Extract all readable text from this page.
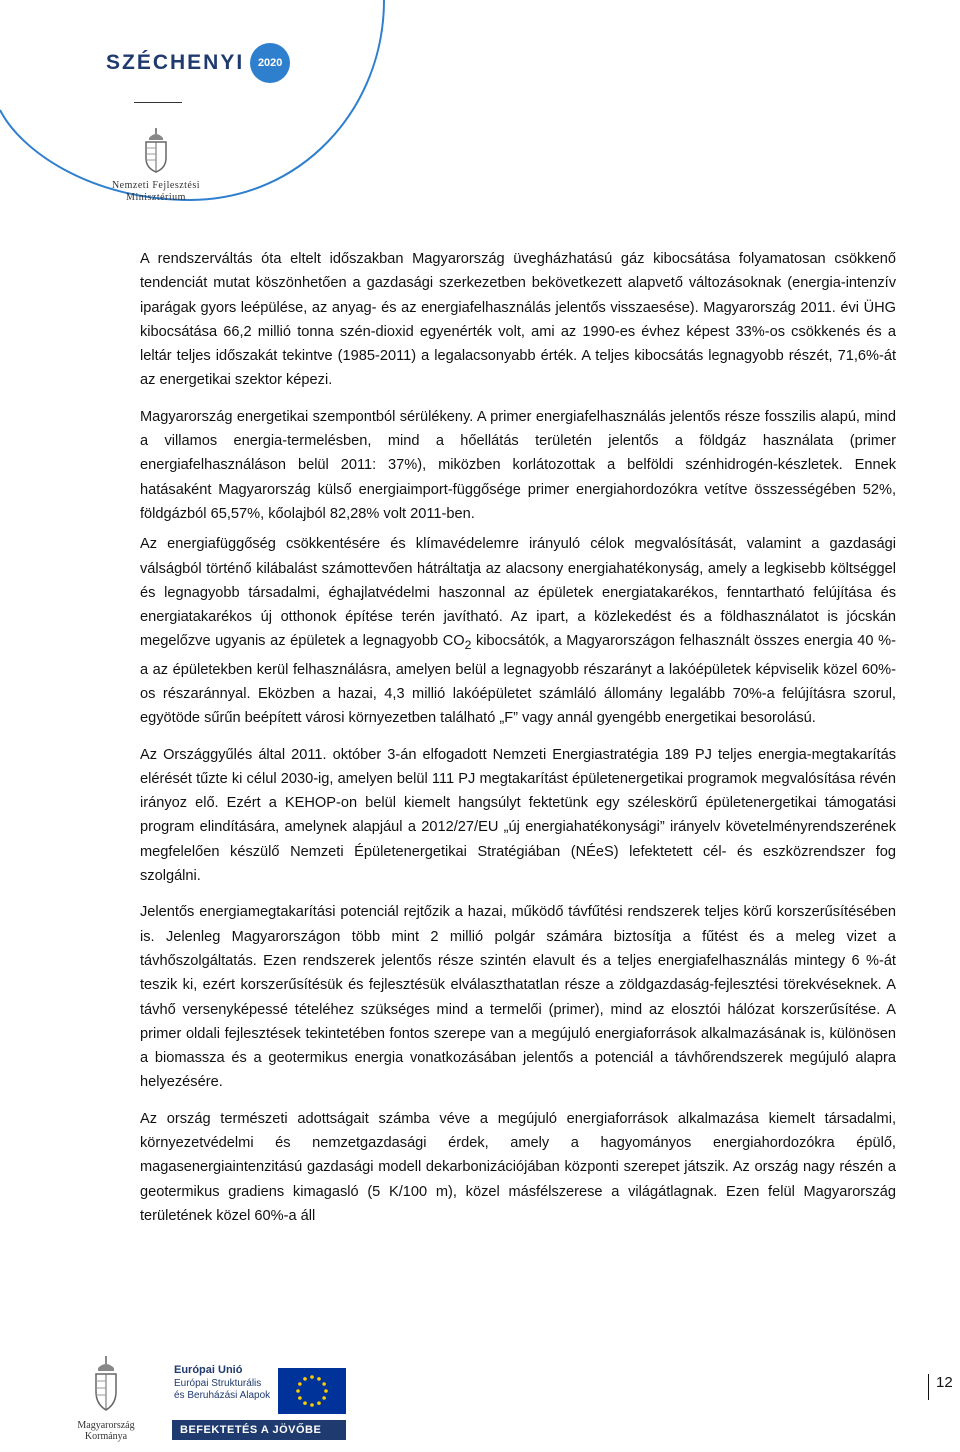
SZÉCHENYI 2020
Nemzeti Fejlesztési
Minisztérium

A rendszerváltás óta eltelt időszakban Magyarország üvegházhatású gáz kibocsátása folyamatosan csökkenő tendenciát mutat köszönhetően a gazdasági szerkezetben bekövetkezett alapvető változásoknak (energia-intenzív iparágak gyors leépülése, az anyag- és az energiafelhasználás jelentős visszaesése). Magyarország 2011. évi ÜHG kibocsátása 66,2 millió tonna szén-dioxid egyenérték volt, ami az 1990-es évhez képest 33%-os csökkenés és a leltár teljes időszakát tekintve (1985-2011) a legalacsonyabb érték. A teljes kibocsátás legnagyobb részét, 71,6%-át az energetikai szektor képezi.

Magyarország energetikai szempontból sérülékeny. A primer energiafelhasználás jelentős része fosszilis alapú, mind a villamos energia-termelésben, mind a hőellátás területén jelentős a földgáz használata (primer energiafelhasználáson belül 2011: 37%), miközben korlátozottak a belföldi szénhidrogén-készletek. Ennek hatásaként Magyarország külső energiaimport-függősége primer energiahordozókra vetítve összességében 52%, földgázból 65,57%, kőolajból 82,28% volt 2011-ben.

Az energiafüggőség csökkentésére és klímavédelemre irányuló célok megvalósítását, valamint a gazdasági válságból történő kilábalást számottevően hátráltatja az alacsony energiahatékonyság, amely a legkisebb költséggel és legnagyobb társadalmi, éghajlatvédelmi haszonnal az épületek energiatakarékos, fenntartható felújítása és energiatakarékos új otthonok építése terén javítható. Az ipart, a közlekedést és a földhasználatot is jócskán megelőzve ugyanis az épületek a legnagyobb $CO_2$ kibocsátók, a Magyarországon felhasznált összes energia 40 %-a az épületekben kerül felhasználásra, amelyen belül a legnagyobb részarányt a lakóépületek képviselik közel 60%-os részaránnyal. Eközben a hazai, 4,3 millió lakóépületet számláló állomány legalább 70%-a felújításra szorul, egyötöde sűrűn beépített városi környezetben található „F” vagy annál gyengébb energetikai besorolású.

Az Országgyűlés által 2011. október 3-án elfogadott Nemzeti Energiastratégia 189 PJ teljes energia-megtakarítás elérését tűzte ki célul 2030-ig, amelyen belül 111 PJ megtakarítást épületenergetikai programok megvalósítása révén irányoz elő. Ezért a KEHOP-on belül kiemelt hangsúlyt fektetünk egy széleskörű épületenergetikai támogatási program elindítására, amelynek alapjául a 2012/27/EU „új energiahatékonysági” irányelv követelményrendszerének megfelelően készülő Nemzeti Épületenergetikai Stratégiában (NÉeS) lefektetett cél- és eszközrendszer fog szolgálni.

Jelentős energiamegtakarítási potenciál rejtőzik a hazai, működő távfűtési rendszerek teljes körű korszerűsítésében is. Jelenleg Magyarországon több mint 2 millió polgár számára biztosítja a fűtést és a meleg vizet a távhőszolgáltatás. Ezen rendszerek jelentős része szintén elavult és a teljes energiafelhasználás mintegy 6 %-át teszik ki, ezért korszerűsítésük és fejlesztésük elválaszthatatlan része a zöldgazdaság-fejlesztési törekvéseknek. A távhő versenyképessé tételéhez szükséges mind a termelői (primer), mind az elosztói hálózat korszerűsítése. A primer oldali fejlesztések tekintetében fontos szerepe van a megújuló energiaforrások alkalmazásának is, különösen a biomassza és a geotermikus energia vonatkozásában jelentős a potenciál a távhőrendszerek megújuló alapra helyezésére.

Az ország természeti adottságait számba véve a megújuló energiaforrások alkalmazása kiemelt társadalmi, környezetvédelmi és nemzetgazdasági érdek, amely a hagyományos energiahordozókra épülő, magasenergiaintenzitású gazdasági modell dekarbonizációjában központi szerepet játszik. Az ország nagy részén a geotermikus gradiens kimagasló (5 K/100 m), közel másfélszerese a világátlagnak. Ezen felül Magyarország területének közel 60%-a áll

Magyarország
Kormánya
Európai Unió
Európai Strukturális és Beruházási Alapok
BEFEKTETÉS A JÖVŐBE
12
